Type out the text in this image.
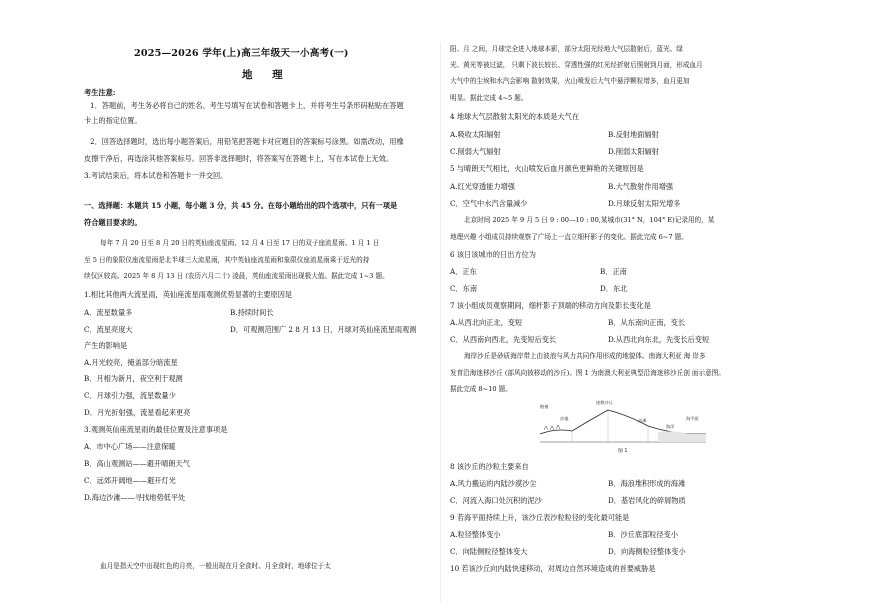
2025—2026 学年(上)高三年级天一小高考(一)
地 理
考生注意:
1．答题前，考生务必将自己的姓名、考生号填写在试卷和答题卡上，并将考生号条形码粘贴在答题
卡上的指定位置。
2．回答选择题时，选出每小题答案后，用铅笔把答题卡对应题目的答案标号涂黑。如需改动，用橡
皮擦干净后，再选涂其他答案标号。回答非选择题时，将答案写在答题卡上，写在本试卷上无效。
3.考试结束后，将本试卷和答题卡一并交回。
一、选择题：本题共 15 小题，每小题 3 分，共 45 分。在每小题给出的四个选项中，只有一项是
符合题目要求的。
每年 7 月 20 日至 8 月 20 日的英仙座流星雨、12 月 4 日至 17 日的双子座流星雨、1 月 1 日
至 5 日的象限仪座流星雨是北半球三大流星雨，其中英仙座流星雨和象限仪座流星雨乘于近光的持
续仅区较高。2025 年 8 月 13 日 (农历六月二十) 凌晨，英仙座流星雨出现极大值。据此完成 1~3 题。
1.相比其他两大流星雨，英仙座流星雨观测优势显著的主要原因是
A．流星数量多	B.持续时间长
C．流星亮度大	D．可观测范围广 2 8 月 13 日，月球对英仙座流星雨观测
产生的影响是
A.月光较亮，掩盖部分暗流星
B．月相为新月，夜空利于观测
C．月球引力强，流星数量少
D．月光折射强，流星看起来更亮
3.观测英仙座流星雨的最佳位置及注意事项是
A．市中心广场——注意保暖
B．高山观测站——避开晴朗天气
C．远郊开阔地——避开灯光
D.海边沙滩——寻找地势低平处
血月是指天空中出现红色的月亮，一般出现在月全食时。月全食时，地球位于太
阳、月 之间，月球完全进入地球本影，部分太阳光经地大气层散射后，蓝光、绿
光、黄光等被过滤， 只剩下波长较长、穿透性强的红光经折射后照射到月面，形成血月
大气中的尘埃和水汽会影响 散射效果，火山喷发后大气中悬浮颗粒增多，血月更加
明显。据此完成 4~5 题。
4 地球大气层散射太阳光的本质是大气在
A.吸收太阳辐射	B.反射地面辐射
C.削弱大气辐射	D.削弱太阳辐射
5 与晴朗天气相比，火山喷发后血月颜色更鲜艳的关键原因是
A.红光穿透能力增强	B.大气散射作用增强
C．空气中水汽含量减少	D.月球反射太阳光增多
北京时间 2025 年 9 月 5 日 9 : 00—10 : 00,某城市(31° N，104° E)记录用的，某
地理兴趣 小组成员持续观察了广场上一直立细杆影子的变化。据此完成 6~7 题。
6 该日该城市的日出方位为
A．正东	B．正南
C．东南	D．东北
7 该小组成员观察期间，细杆影子顶端的移动方向及影长变化是
A.从西北向正北，变短	B．从东南向正南，变长
C．从西南向西北，先变短后变长	D.从西北向东北，先变长后变短
海岸沙丘是砂质海岸带上由波浪与风力共同作用形成的地貌体。南海大利亚 海 岸多
发育沿海迷移沙丘 (部风向彼移动的沙丘)。图 1 为南澳大利亚典型沿海迷移沙丘剖 面示意图。
据此完成 8~10 题。
植被
沙地
迷移沙丘
沙滩
海洋
海平面
图 1
8 该沙丘的沙粒主要来自
A.风力搬运的内陆沙漠沙尘	B．海浪堆积形成的海滩
C．河流入海口处沉积的泥沙	D．基岩风化的碎屑物质
9 若海平面持续上升，该沙丘表沙粒粒径的变化最可能是
A.粒径整体变小	B．沙丘底部粒径变小
C．向陆侧粒径整体变大	D．向海侧粒径整体变小
10 若该沙丘向内陆快速移动，对周边自然环境造成的首要威胁是
